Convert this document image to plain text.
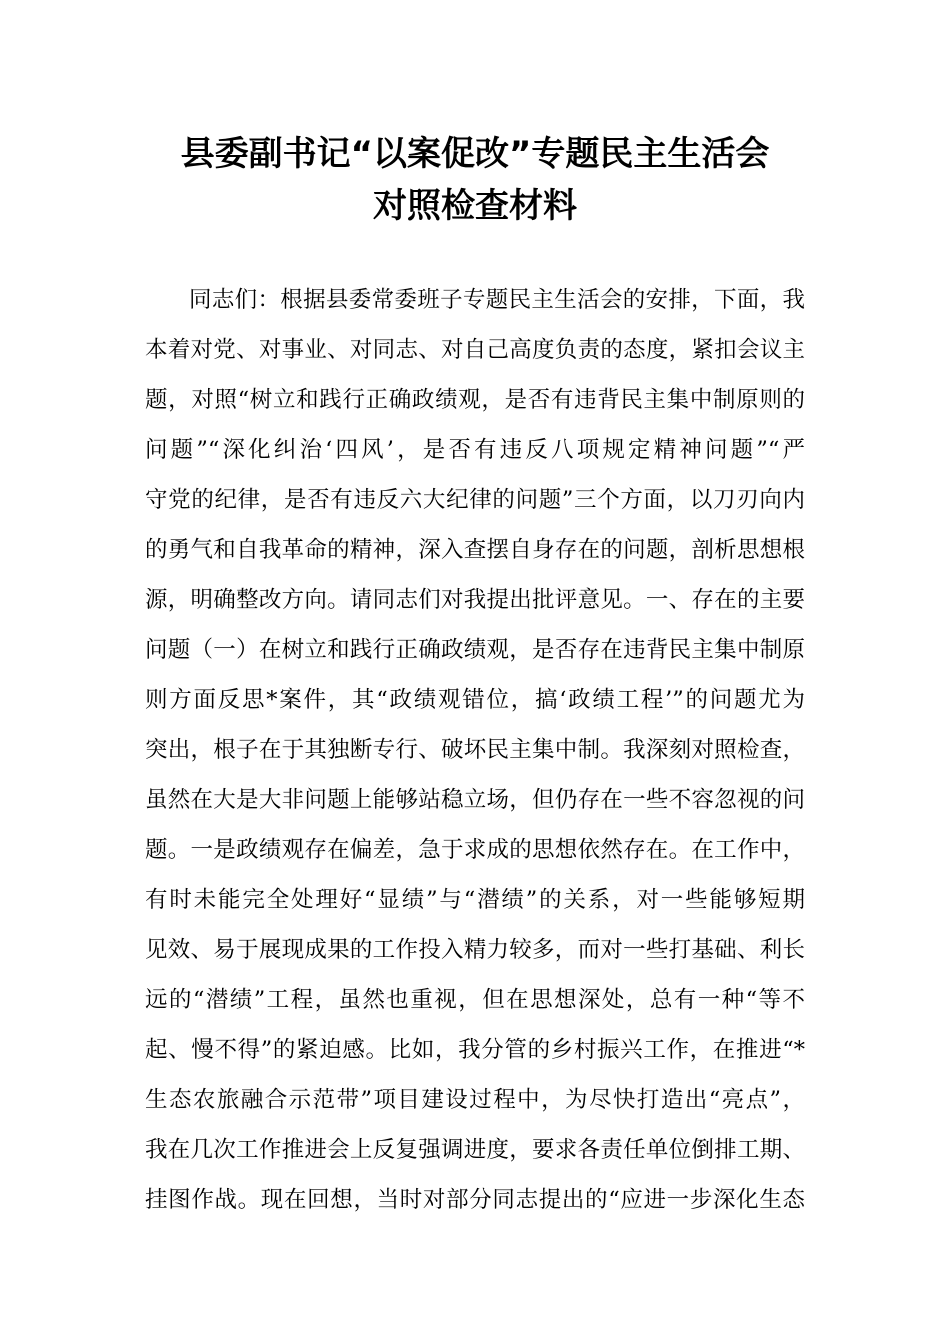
县委副书记“以案促改”专题民主生活会
对照检查材料
同志们：根据县委常委班子专题民主生活会的安排，下面，我
本着对党、对事业、对同志、对自己高度负责的态度，紧扣会议主
题，对照“树立和践行正确政绩观，是否有违背民主集中制原则的
问题”“深化纠治‘四风’，是否有违反八项规定精神问题”“严
守党的纪律，是否有违反六大纪律的问题”三个方面，以刀刃向内
的勇气和自我革命的精神，深入查摆自身存在的问题，剖析思想根
源，明确整改方向。请同志们对我提出批评意见。一、存在的主要
问题（一）在树立和践行正确政绩观，是否存在违背民主集中制原
则方面反思*案件，其“政绩观错位，搞‘政绩工程’”的问题尤为
突出，根子在于其独断专行、破坏民主集中制。我深刻对照检查，
虽然在大是大非问题上能够站稳立场，但仍存在一些不容忽视的问
题。一是政绩观存在偏差，急于求成的思想依然存在。在工作中，
有时未能完全处理好“显绩”与“潜绩”的关系，对一些能够短期
见效、易于展现成果的工作投入精力较多，而对一些打基础、利长
远的“潜绩”工程，虽然也重视，但在思想深处，总有一种“等不
起、慢不得”的紧迫感。比如，我分管的乡村振兴工作，在推进“*
生态农旅融合示范带”项目建设过程中，为尽快打造出“亮点”，
我在几次工作推进会上反复强调进度，要求各责任单位倒排工期、
挂图作战。现在回想，当时对部分同志提出的“应进一步深化生态
